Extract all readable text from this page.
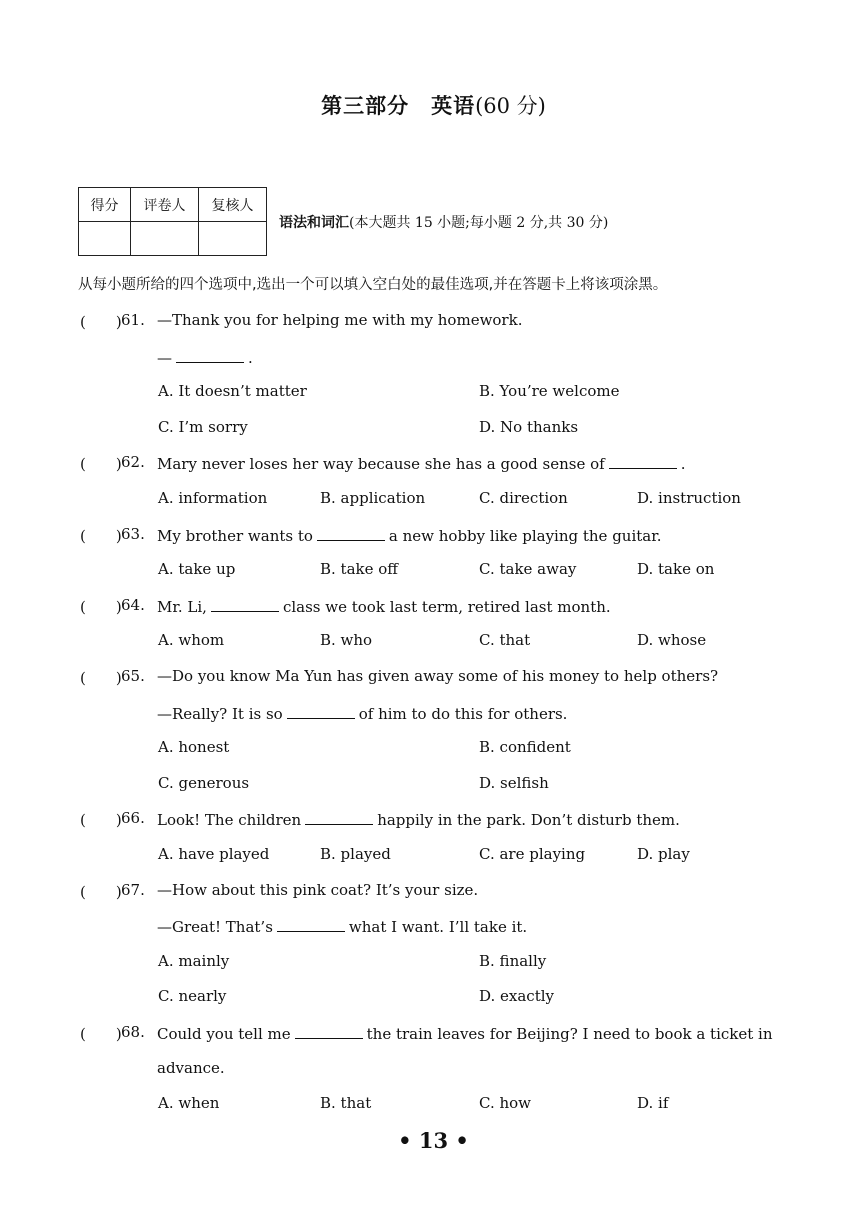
第三部分　英语(60 分)
得分	评卷人	复核人

语法和词汇(本大题共 15 小题;每小题 2 分,共 30 分)
从每小题所给的四个选项中,选出一个可以填入空白处的最佳选项,并在答题卡上将该项涂黑。
(　　) 61. —Thank you for helping me with my homework.
—	.
A. It doesn’t matter	B. You’re welcome
C. I’m sorry	D. No thanks
(　　) 62. Mary never loses her way because she has a good sense of	.
A. information	B. application	C. direction	D. instruction
(　　) 63. My brother wants to	a new hobby like playing the guitar.
A. take up	B. take off	C. take away	D. take on
(　　) 64. Mr. Li,	class we took last term, retired last month.
A. whom	B. who	C. that	D. whose
(　　) 65. —Do you know Ma Yun has given away some of his money to help others?
—Really? It is so	of him to do this for others.
A. honest	B. confident
C. generous	D. selfish
(　　) 66. Look! The children	happily in the park. Don’t disturb them.
A. have played	B. played	C. are playing	D. play
(　　) 67. —How about this pink coat? It’s your size.
—Great! That’s	what I want. I’ll take it.
A. mainly	B. finally
C. nearly	D. exactly
(　　) 68. Could you tell me	the train leaves for Beijing? I need to book a ticket in
advance.
A. when	B. that	C. how	D. if
• 13 •
